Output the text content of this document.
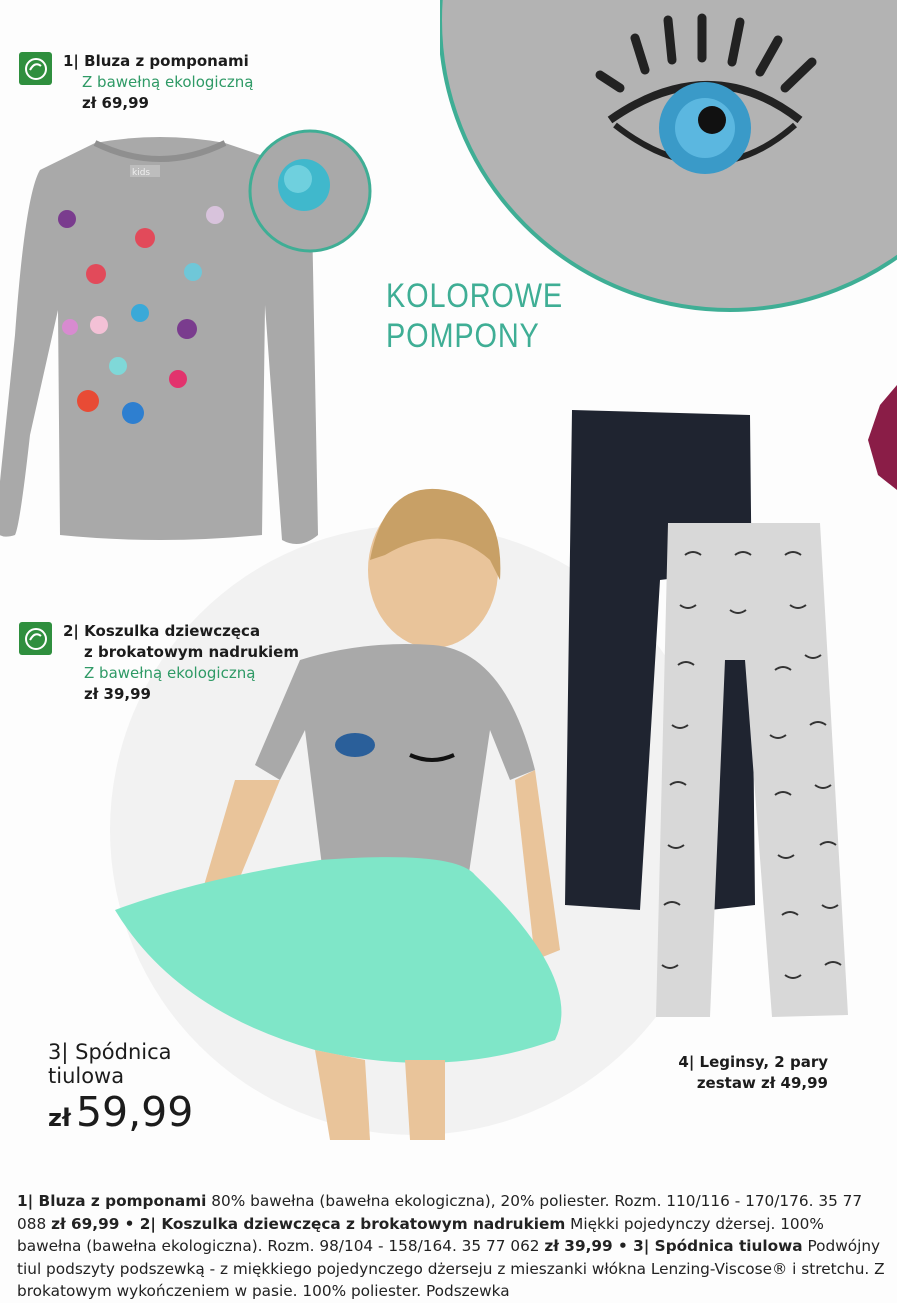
1| Bluza z pomponami
Z bawełną ekologiczną
zł 69,99
kids
KOLOROWE
POMPONY
2| Koszulka dziewczęca
z brokatowym nadrukiem
Z bawełną ekologiczną
zł 39,99
3| Spódnica
tiulowa
zł 59,99
4| Leginsy, 2 pary
zestaw zł 49,99
1| Bluza z pomponami 80% bawełna (bawełna ekologiczna), 20% poliester. Rozm. 110/116 - 170/176. 35 77 088 zł 69,99 • 2| Koszulka dziewczęca z brokatowym nadrukiem Miękki pojedynczy dżersej. 100% bawełna (bawełna ekologiczna). Rozm. 98/104 - 158/164. 35 77 062 zł 39,99 • 3| Spódnica tiulowa Podwójny tiul podszyty podszewką - z miękkiego pojedynczego dżerseju z mieszanki włókna Lenzing-Viscose® i stretchu. Z brokatowym wykończeniem w pasie. 100% poliester. Podszewka
